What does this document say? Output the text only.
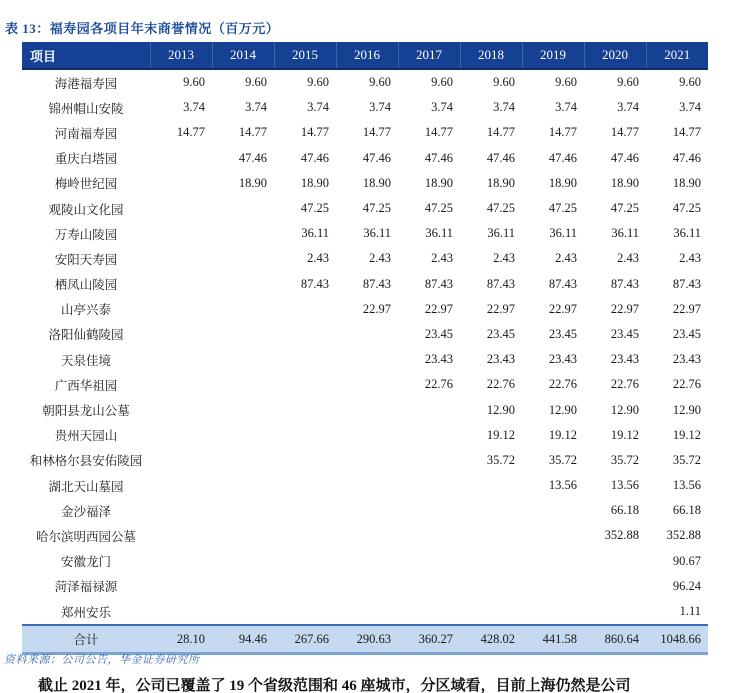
表 13：福寿园各项目年末商誉情况（百万元）
项目	2013	2014	2015	2016	2017	2018	2019	2020	2021
海港福寿园	9.60	9.60	9.60	9.60	9.60	9.60	9.60	9.60	9.60
锦州帽山安陵	3.74	3.74	3.74	3.74	3.74	3.74	3.74	3.74	3.74
河南福寿园	14.77	14.77	14.77	14.77	14.77	14.77	14.77	14.77	14.77
重庆白塔园		47.46	47.46	47.46	47.46	47.46	47.46	47.46	47.46
梅岭世纪园		18.90	18.90	18.90	18.90	18.90	18.90	18.90	18.90
观陵山文化园			47.25	47.25	47.25	47.25	47.25	47.25	47.25
万寿山陵园			36.11	36.11	36.11	36.11	36.11	36.11	36.11
安阳天寿园			2.43	2.43	2.43	2.43	2.43	2.43	2.43
栖凤山陵园			87.43	87.43	87.43	87.43	87.43	87.43	87.43
山亭兴泰				22.97	22.97	22.97	22.97	22.97	22.97
洛阳仙鹤陵园					23.45	23.45	23.45	23.45	23.45
天泉佳境					23.43	23.43	23.43	23.43	23.43
广西华祖园					22.76	22.76	22.76	22.76	22.76
朝阳县龙山公墓						12.90	12.90	12.90	12.90
贵州天园山						19.12	19.12	19.12	19.12
和林格尔县安佑陵园						35.72	35.72	35.72	35.72
湖北天山墓园							13.56	13.56	13.56
金沙福泽								66.18	66.18
哈尔滨明西园公墓								352.88	352.88
安徽龙门									90.67
菏泽福禄源									96.24
郑州安乐									1.11
合计	28.10	94.46	267.66	290.63	360.27	428.02	441.58	860.64	1048.66
资料来源：公司公告，华金证券研究所
截止 2021 年，公司已覆盖了 19 个省级范围和 46 座城市，分区域看，目前上海仍然是公司
